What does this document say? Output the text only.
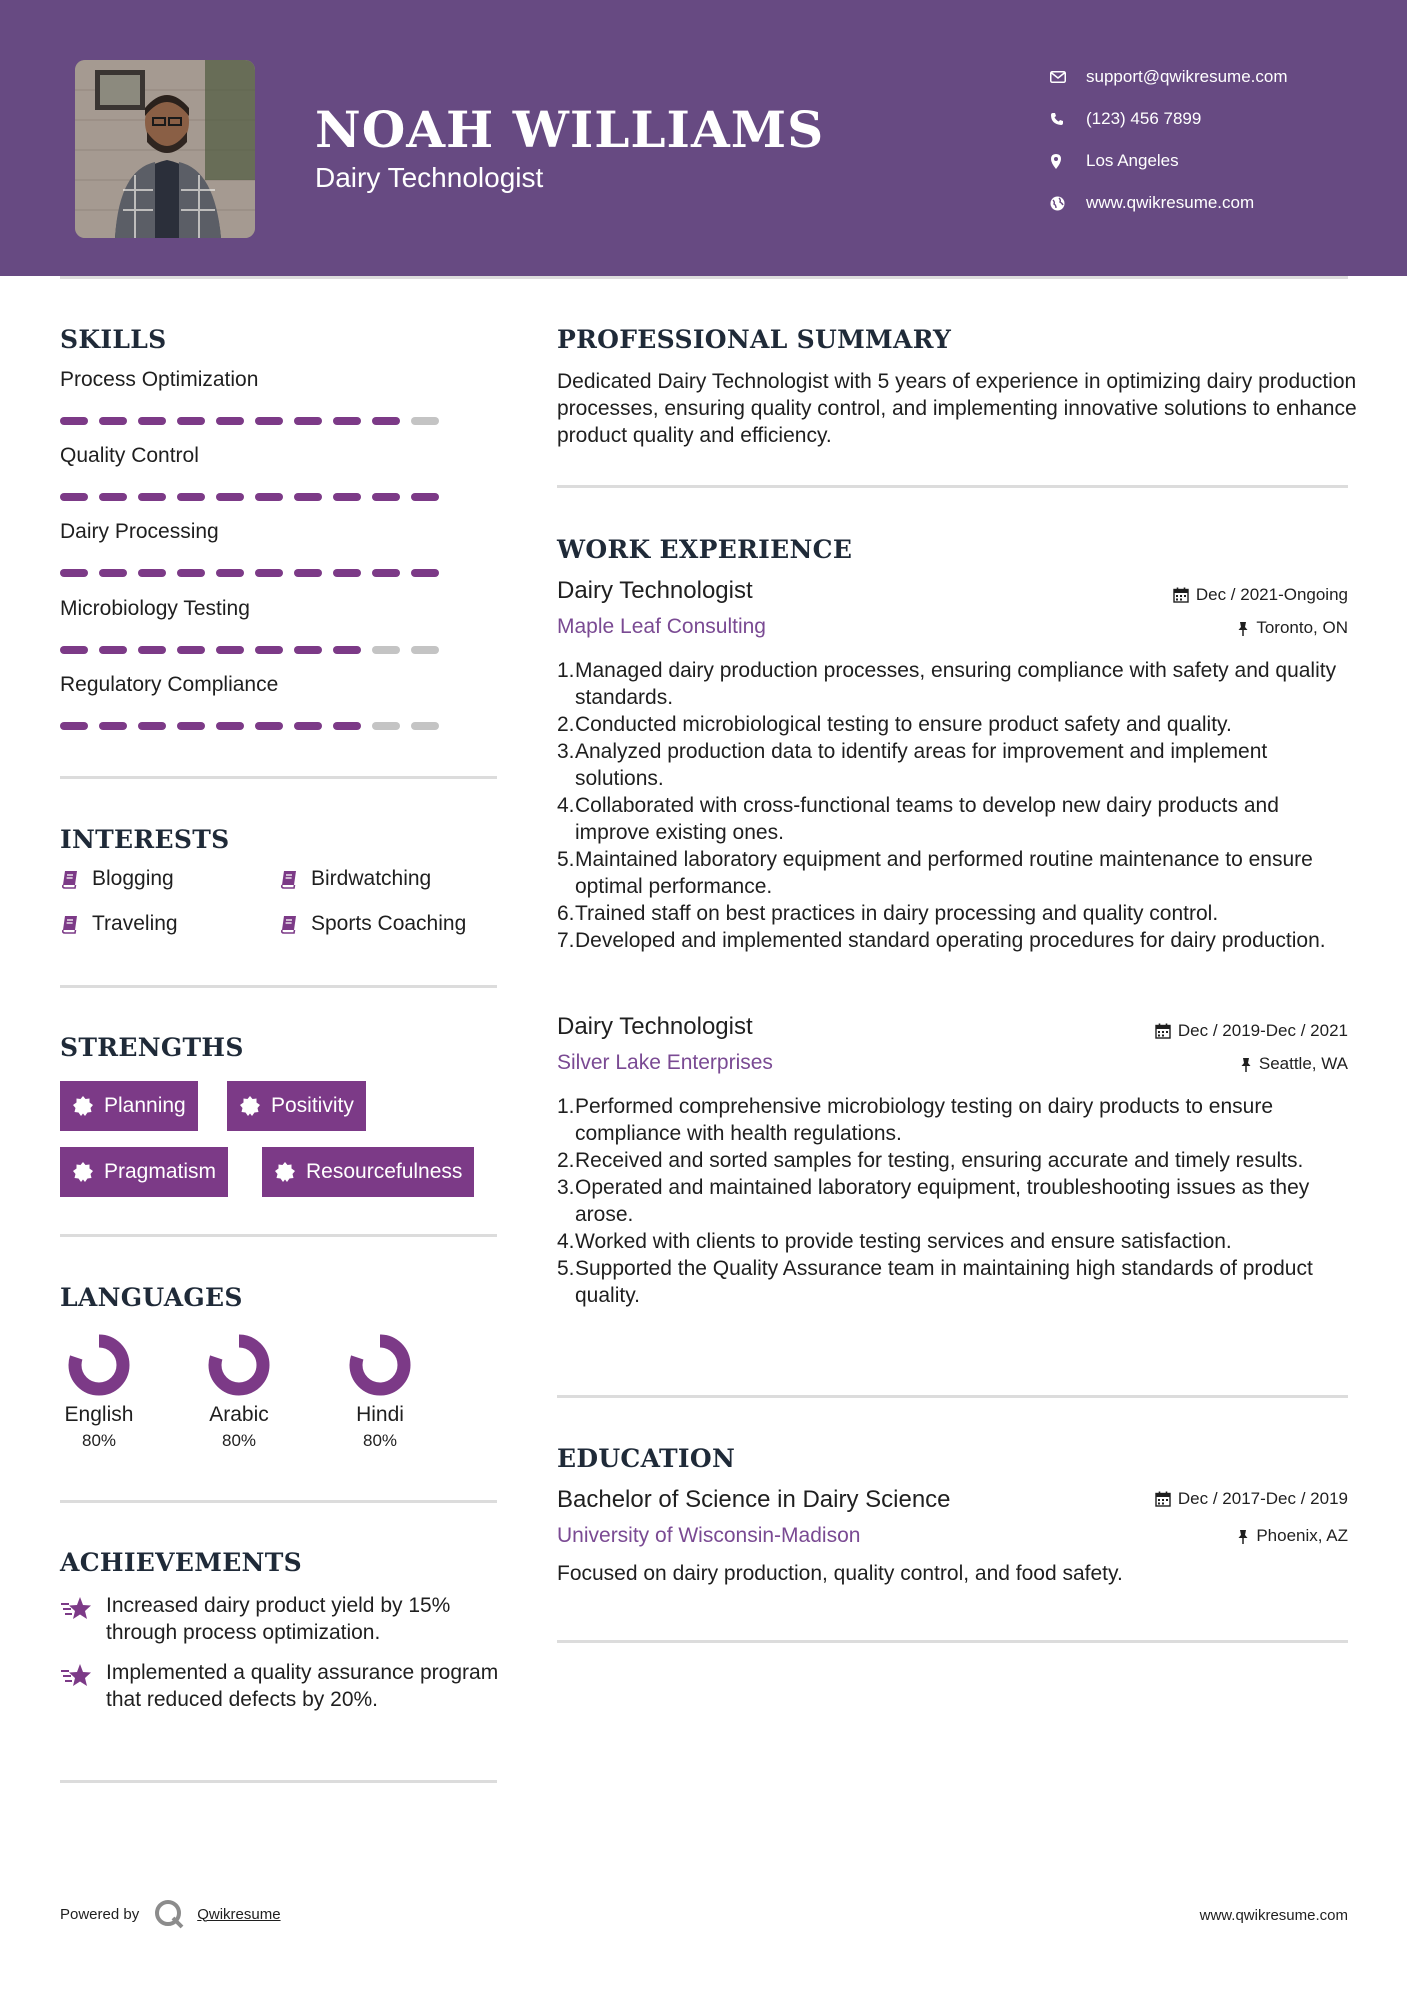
NOAH WILLIAMS
Dairy Technologist
support@qwikresume.com
(123) 456 7899
Los Angeles
www.qwikresume.com
SKILLS
Process Optimization
Quality Control
Dairy Processing
Microbiology Testing
Regulatory Compliance
INTERESTS
Blogging	Birdwatching
Traveling	Sports Coaching
STRENGTHS
Planning	Positivity
Pragmatism	Resourcefulness
LANGUAGES
English
80%
Arabic
80%
Hindi
80%
ACHIEVEMENTS
Increased dairy product yield by 15% through process optimization.
Implemented a quality assurance program that reduced defects by 20%.
PROFESSIONAL SUMMARY
Dedicated Dairy Technologist with 5 years of experience in optimizing dairy production processes, ensuring quality control, and implementing innovative solutions to enhance product quality and efficiency.
WORK EXPERIENCE
Dairy Technologist	Dec / 2021-Ongoing
Maple Leaf Consulting	Toronto, ON
1. Managed dairy production processes, ensuring compliance with safety and quality standards.
2. Conducted microbiological testing to ensure product safety and quality.
3. Analyzed production data to identify areas for improvement and implement solutions.
4. Collaborated with cross-functional teams to develop new dairy products and improve existing ones.
5. Maintained laboratory equipment and performed routine maintenance to ensure optimal performance.
6. Trained staff on best practices in dairy processing and quality control.
7. Developed and implemented standard operating procedures for dairy production.
Dairy Technologist	Dec / 2019-Dec / 2021
Silver Lake Enterprises	Seattle, WA
1. Performed comprehensive microbiology testing on dairy products to ensure compliance with health regulations.
2. Received and sorted samples for testing, ensuring accurate and timely results.
3. Operated and maintained laboratory equipment, troubleshooting issues as they arose.
4. Worked with clients to provide testing services and ensure satisfaction.
5. Supported the Quality Assurance team in maintaining high standards of product quality.
EDUCATION
Bachelor of Science in Dairy Science	Dec / 2017-Dec / 2019
University of Wisconsin-Madison	Phoenix, AZ
Focused on dairy production, quality control, and food safety.
Powered by	Qwikresume	www.qwikresume.com
